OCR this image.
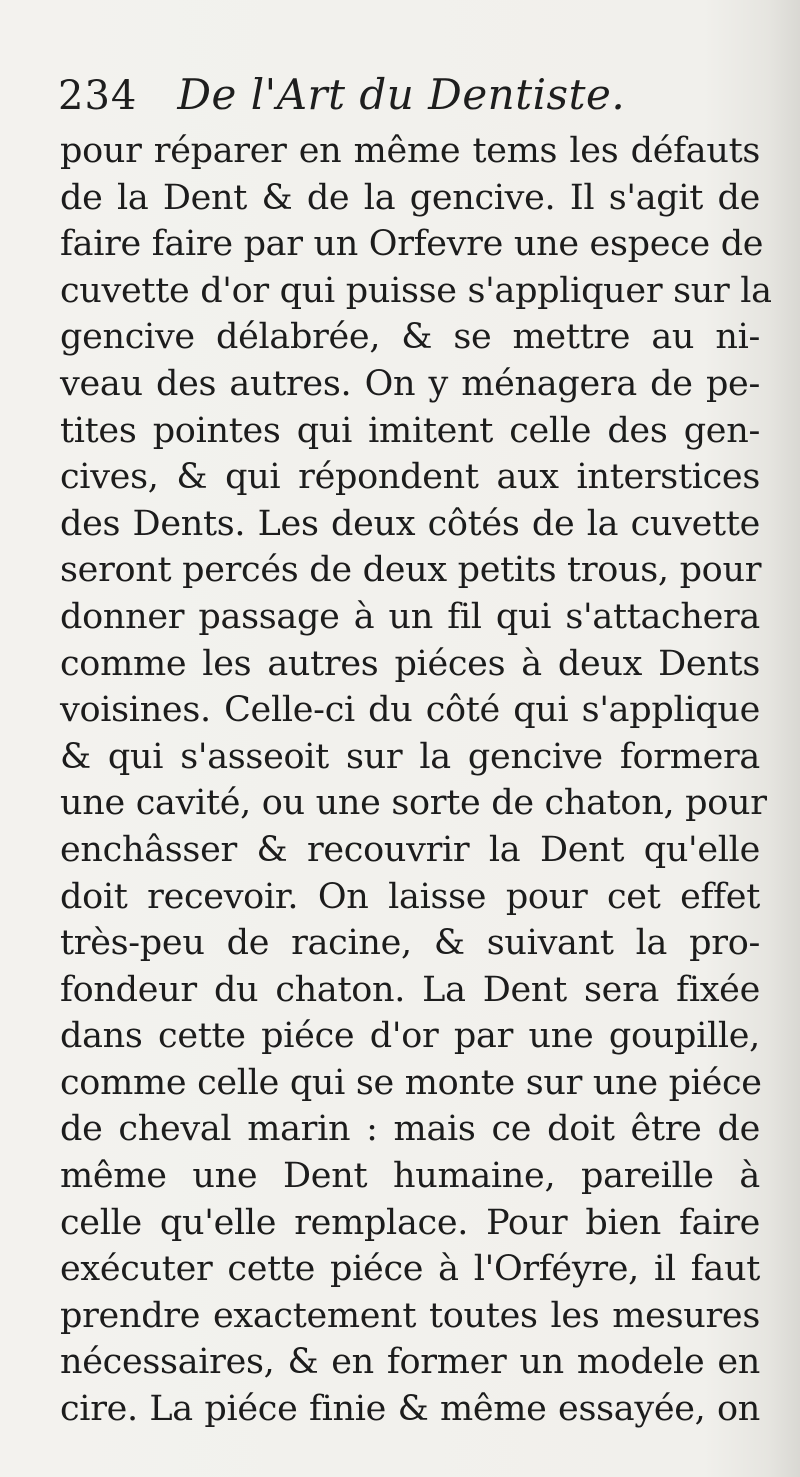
234 De l'Art du Dentiste.
pour réparer en même tems les défauts
de la Dent & de la gencive. Il s'agit de
faire faire par un Orfevre une espece de
cuvette d'or qui puisse s'appliquer sur la
gencive délabrée, & se mettre au ni-
veau des autres. On y ménagera de pe-
tites pointes qui imitent celle des gen-
cives, & qui répondent aux interstices
des Dents. Les deux côtés de la cuvette
seront percés de deux petits trous, pour
donner passage à un fil qui s'attachera
comme les autres piéces à deux Dents
voisines. Celle-ci du côté qui s'applique
& qui s'asseoit sur la gencive formera
une cavité, ou une sorte de chaton, pour
enchâsser & recouvrir la Dent qu'elle
doit recevoir. On laisse pour cet effet
très-peu de racine, & suivant la pro-
fondeur du chaton. La Dent sera fixée
dans cette piéce d'or par une goupille,
comme celle qui se monte sur une piéce
de cheval marin : mais ce doit être de
même une Dent humaine, pareille à
celle qu'elle remplace. Pour bien faire
exécuter cette piéce à l'Orféyre, il faut
prendre exactement toutes les mesures
nécessaires, & en former un modele en
cire. La piéce finie & même essayée, on
